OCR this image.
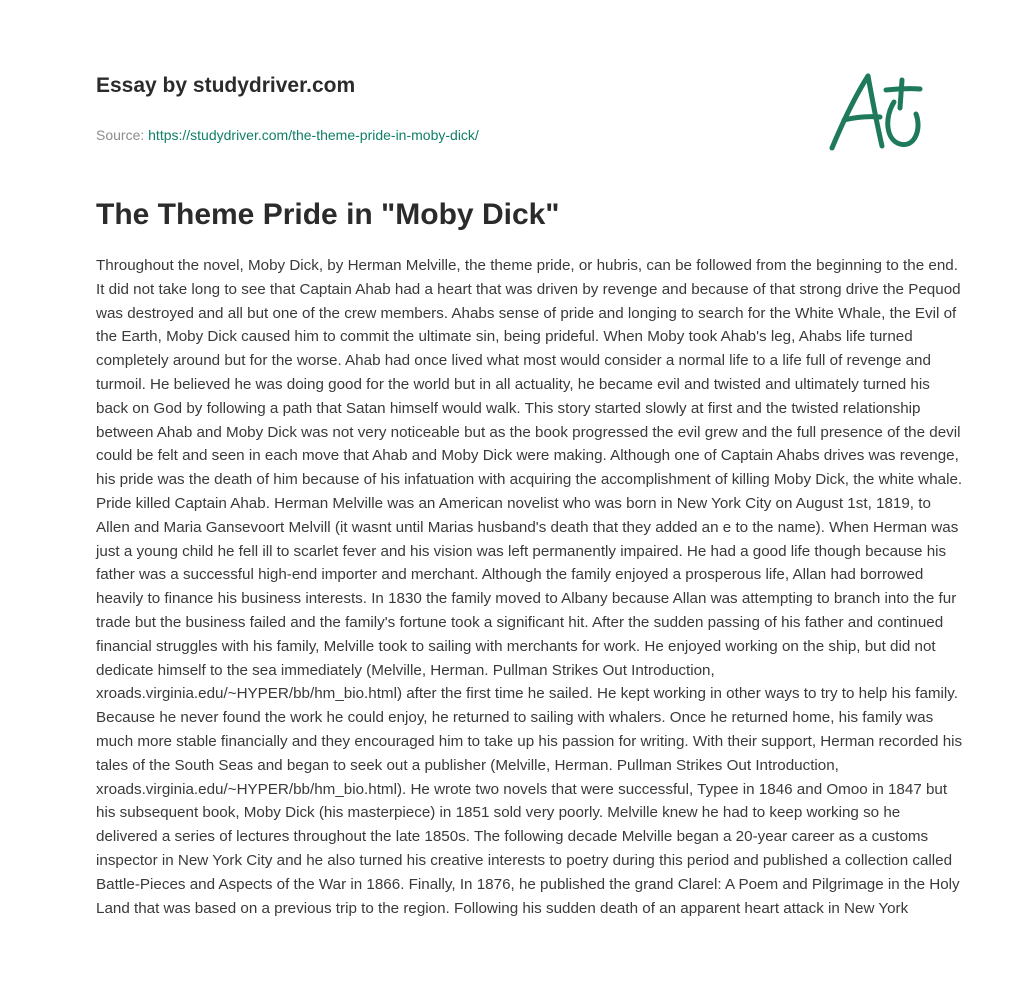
Essay by studydriver.com
Source: https://studydriver.com/the-theme-pride-in-moby-dick/
The Theme Pride in "Moby Dick"

Throughout the novel, Moby Dick, by Herman Melville, the theme pride, or hubris, can be followed from the beginning to the end. It did not take long to see that Captain Ahab had a heart that was driven by revenge and because of that strong drive the Pequod was destroyed and all but one of the crew members. Ahabs sense of pride and longing to search for the White Whale, the Evil of the Earth, Moby Dick caused him to commit the ultimate sin, being prideful. When Moby took Ahab's leg, Ahabs life turned completely around but for the worse. Ahab had once lived what most would consider a normal life to a life full of revenge and turmoil. He believed he was doing good for the world but in all actuality, he became evil and twisted and ultimately turned his back on God by following a path that Satan himself would walk. This story started slowly at first and the twisted relationship between Ahab and Moby Dick was not very noticeable but as the book progressed the evil grew and the full presence of the devil could be felt and seen in each move that Ahab and Moby Dick were making. Although one of Captain Ahabs drives was revenge, his pride was the death of him because of his infatuation with acquiring the accomplishment of killing Moby Dick, the white whale. Pride killed Captain Ahab. Herman Melville was an American novelist who was born in New York City on August 1st, 1819, to Allen and Maria Gansevoort Melvill (it wasnt until Marias husband's death that they added an e to the name). When Herman was just a young child he fell ill to scarlet fever and his vision was left permanently impaired. He had a good life though because his father was a successful high-end importer and merchant. Although the family enjoyed a prosperous life, Allan had borrowed heavily to finance his business interests. In 1830 the family moved to Albany because Allan was attempting to branch into the fur trade but the business failed and the family's fortune took a significant hit. After the sudden passing of his father and continued financial struggles with his family, Melville took to sailing with merchants for work. He enjoyed working on the ship, but did not dedicate himself to the sea immediately (Melville, Herman. Pullman Strikes Out Introduction, xroads.virginia.edu/~HYPER/bb/hm_bio.html) after the first time he sailed. He kept working in other ways to try to help his family. Because he never found the work he could enjoy, he returned to sailing with whalers. Once he returned home, his family was much more stable financially and they encouraged him to take up his passion for writing. With their support, Herman recorded his tales of the South Seas and began to seek out a publisher (Melville, Herman. Pullman Strikes Out Introduction, xroads.virginia.edu/~HYPER/bb/hm_bio.html). He wrote two novels that were successful, Typee in 1846 and Omoo in 1847 but his subsequent book, Moby Dick (his masterpiece) in 1851 sold very poorly. Melville knew he had to keep working so he delivered a series of lectures throughout the late 1850s. The following decade Melville began a 20-year career as a customs inspector in New York City and he also turned his creative interests to poetry during this period and published a collection called Battle-Pieces and Aspects of the War in 1866. Finally, In 1876, he published the grand Clarel: A Poem and Pilgrimage in the Holy Land that was based on a previous trip to the region. Following his sudden death of an apparent heart attack in New York
